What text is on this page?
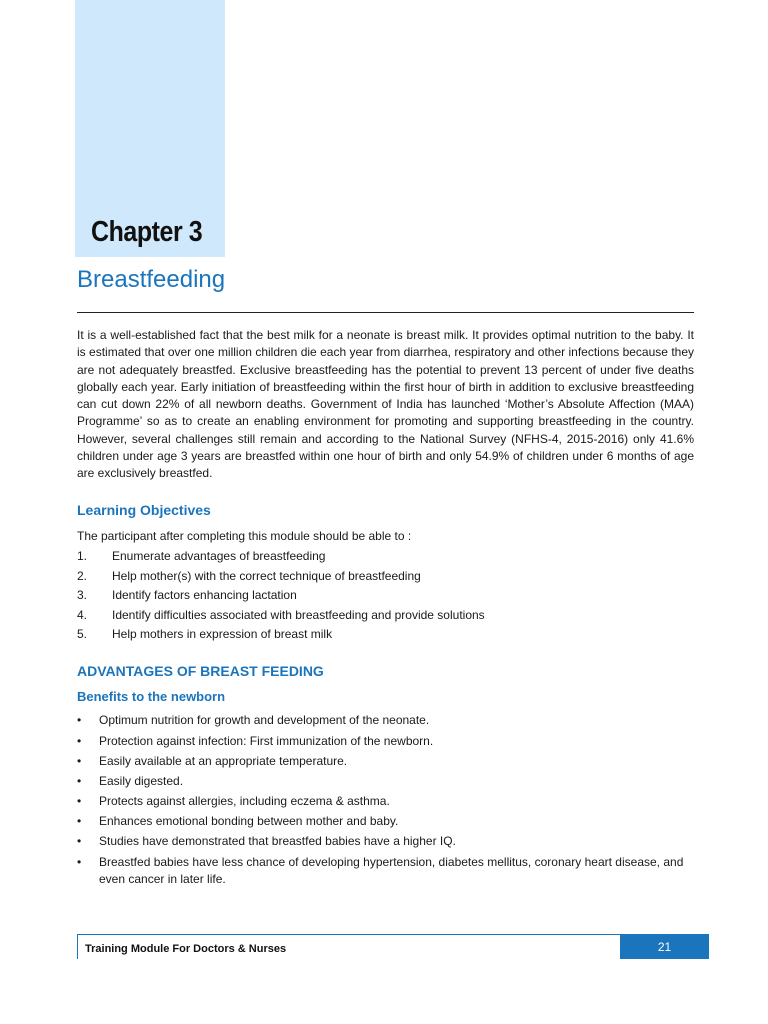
Chapter 3
Breastfeeding

It is a well-established fact that the best milk for a neonate is breast milk. It provides optimal nutrition to the baby. It is estimated that over one million children die each year from diarrhea, respiratory and other infections because they are not adequately breastfed. Exclusive breastfeeding has the potential to prevent 13 percent of under five deaths globally each year. Early initiation of breastfeeding within the first hour of birth in addition to exclusive breastfeeding can cut down 22% of all newborn deaths. Government of India has launched ‘Mother’s Absolute Affection (MAA) Programme’ so as to create an enabling environment for promoting and supporting breastfeeding in the country. However, several challenges still remain and according to the National Survey (NFHS-4, 2015-2016) only 41.6% children under age 3 years are breastfed within one hour of birth and only 54.9% of children under 6 months of age are exclusively breastfed.

Learning Objectives
The participant after completing this module should be able to :
1. Enumerate advantages of breastfeeding
2. Help mother(s) with the correct technique of breastfeeding
3. Identify factors enhancing lactation
4. Identify difficulties associated with breastfeeding and provide solutions
5. Help mothers in expression of breast milk
ADVANTAGES OF BREAST FEEDING
Benefits to the newborn
• Optimum nutrition for growth and development of the neonate.
• Protection against infection: First immunization of the newborn.
• Easily available at an appropriate temperature.
• Easily digested.
• Protects against allergies, including eczema & asthma.
• Enhances emotional bonding between mother and baby.
• Studies have demonstrated that breastfed babies have a higher IQ.
• Breastfed babies have less chance of developing hypertension, diabetes mellitus, coronary heart disease, and even cancer in later life.
Training Module For Doctors & Nurses	21
